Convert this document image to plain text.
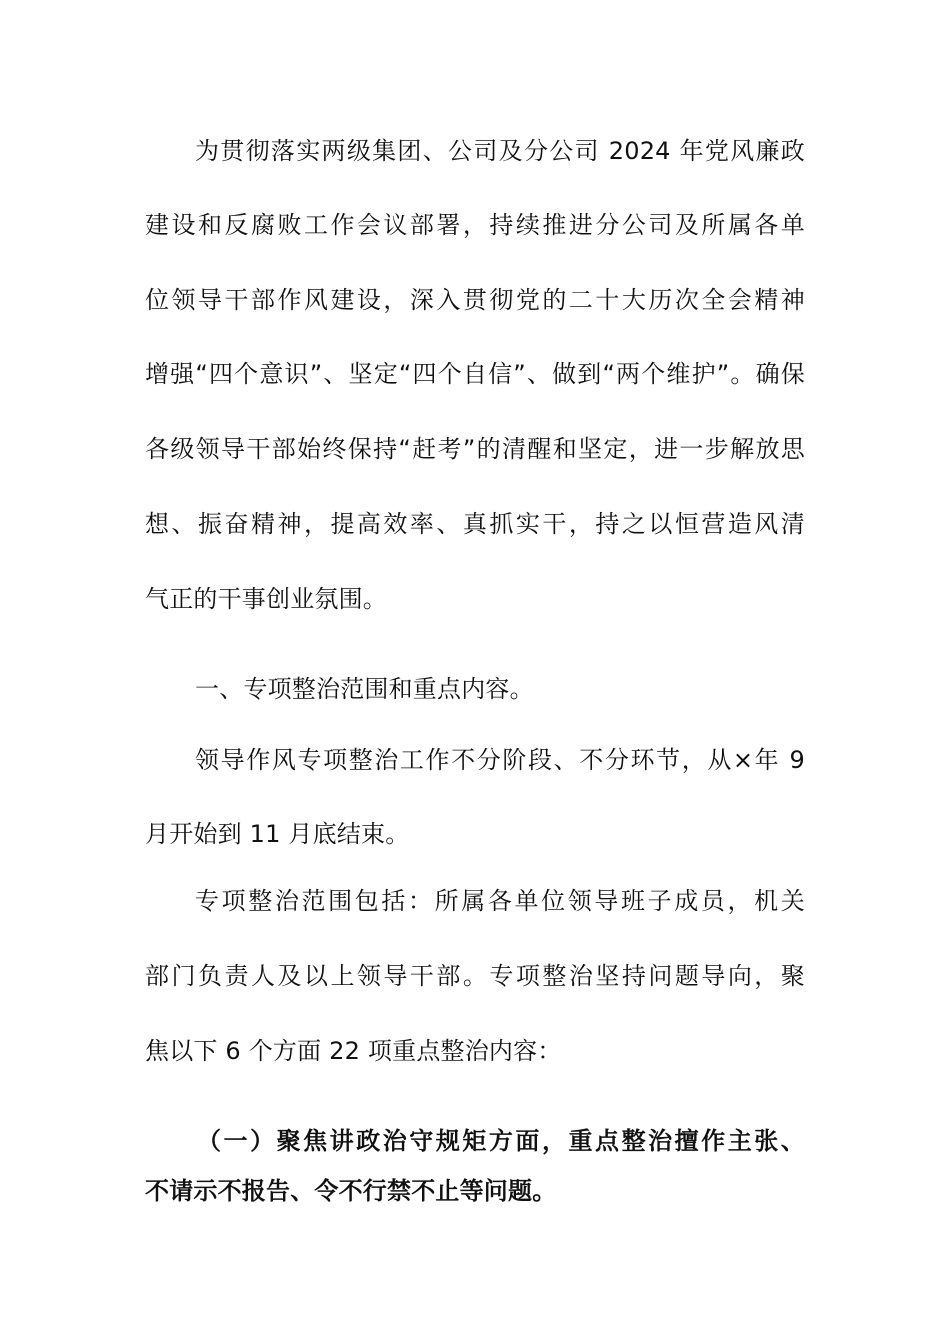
为贯彻落实两级集团、公司及分公司 2024 年党风廉政
建设和反腐败工作会议部署，持续推进分公司及所属各单
位领导干部作风建设，深入贯彻党的二十大历次全会精神
增强“四个意识”、坚定“四个自信”、做到“两个维护”。确保
各级领导干部始终保持“赶考”的清醒和坚定，进一步解放思
想、振奋精神，提高效率、真抓实干，持之以恒营造风清
气正的干事创业氛围。
一、专项整治范围和重点内容。
领导作风专项整治工作不分阶段、不分环节，从×年 9
月开始到 11 月底结束。
专项整治范围包括：所属各单位领导班子成员，机关
部门负责人及以上领导干部。专项整治坚持问题导向，聚
焦以下 6 个方面 22 项重点整治内容：
（一）聚焦讲政治守规矩方面，重点整治擅作主张、
不请示不报告、令不行禁不止等问题。
